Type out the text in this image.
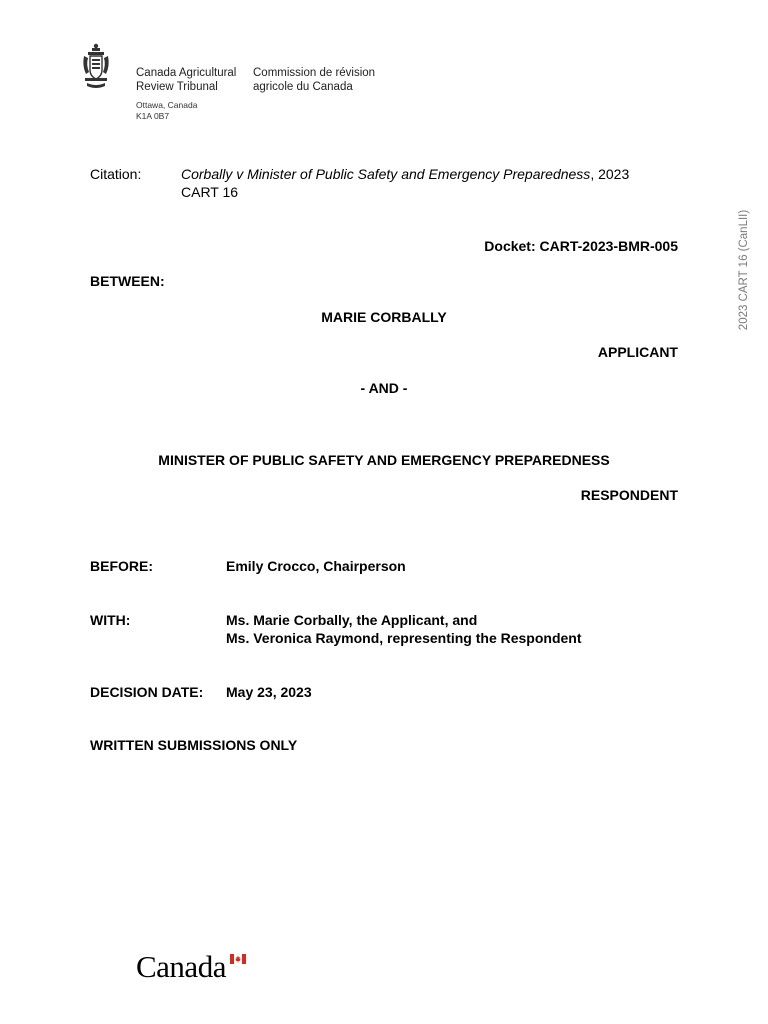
Canada Agricultural
Review Tribunal
Commission de révision
agricole du Canada
Ottawa, Canada
K1A 0B7
2023 CART 16 (CanLII)
Citation:	Corbally v Minister of Public Safety and Emergency Preparedness, 2023
CART 16
Docket: CART-2023-BMR-005
BETWEEN:
MARIE CORBALLY
APPLICANT
- AND -
MINISTER OF PUBLIC SAFETY AND EMERGENCY PREPAREDNESS
RESPONDENT
BEFORE:	Emily Crocco, Chairperson
WITH:	Ms. Marie Corbally, the Applicant, and
Ms. Veronica Raymond, representing the Respondent
DECISION DATE: May 23, 2023
WRITTEN SUBMISSIONS ONLY
Canada
